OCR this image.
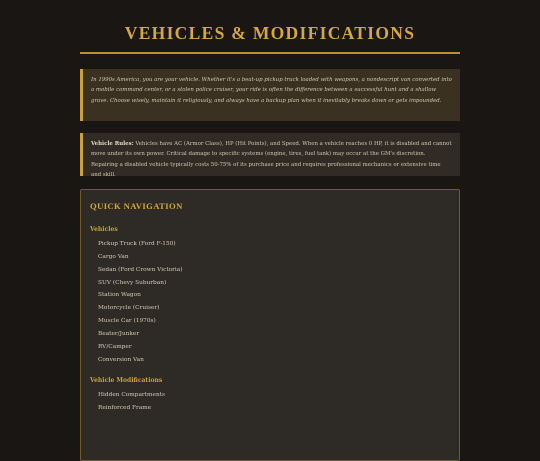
VEHICLES & MODIFICATIONS
In 1990s America, you are your vehicle. Whether it's a beat-up pickup truck loaded with weapons, a nondescript van converted into a mobile command center, or a stolen police cruiser, your ride is often the difference between a successful hunt and a shallow grave. Choose wisely, maintain it religiously, and always have a backup plan when it inevitably breaks down or gets impounded.
Vehicle Rules: Vehicles have AC (Armor Class), HP (Hit Points), and Speed. When a vehicle reaches 0 HP, it is disabled and cannot move under its own power. Critical damage to specific systems (engine, tires, fuel tank) may occur at the GM's discretion. Repairing a disabled vehicle typically costs 50-75% of its purchase price and requires professional mechanics or extensive time and skill.
QUICK NAVIGATION
Vehicles
Pickup Truck (Ford F-150)
Cargo Van
Sedan (Ford Crown Victoria)
SUV (Chevy Suburban)
Station Wagon
Motorcycle (Cruiser)
Muscle Car (1970s)
Beater/Junker
RV/Camper
Conversion Van
Vehicle Modifications
Hidden Compartments
Reinforced Frame
